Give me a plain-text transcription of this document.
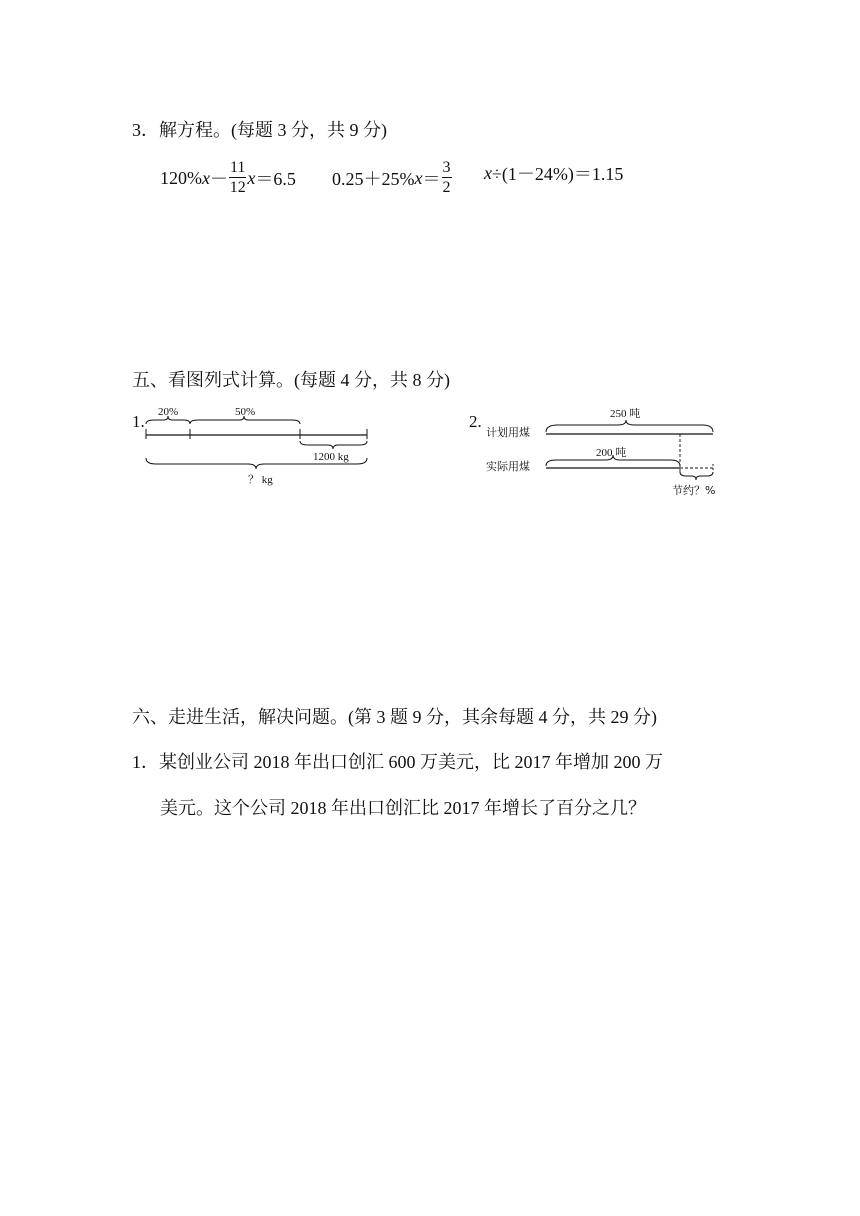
3．解方程。(每题 3 分，共 9 分)
120% $x - \frac{11}{12}$ x ＝6.5 0.25＋25% $x = \frac{3}{2}$ x ÷(1－24%)＝1.15
五、看图列式计算。(每题 4 分，共 8 分)
1. 20%	50%
1200 kg
？ kg
2.
计划用煤
250 吨
实际用煤
200 吨
节约？%
六、走进生活，解决问题。(第 3 题 9 分，其余每题 4 分，共 29 分)
1．某创业公司 2018 年出口创汇 600 万美元，比 2017 年增加 200 万
美元。这个公司 2018 年出口创汇比 2017 年增长了百分之几？
